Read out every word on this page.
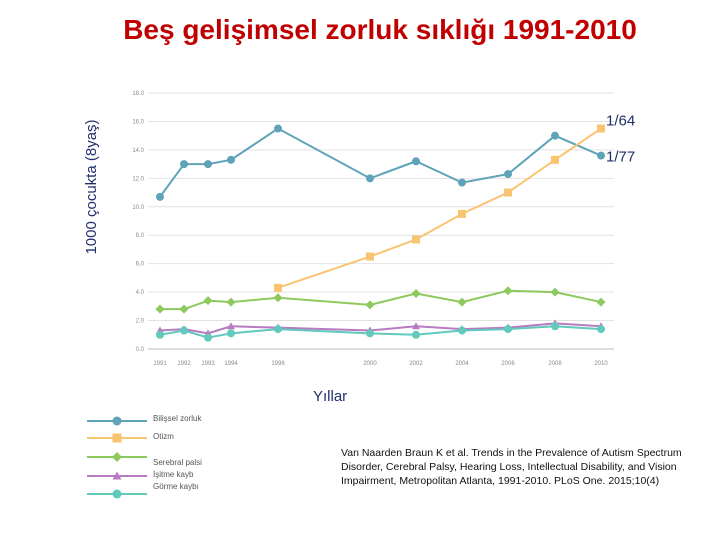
Beş gelişimsel zorluk sıklığı 1991-2010
1000 çocukta (8yaş)
0.0
2.0
4.0
6.0
8.0
10.0
12.0
14.0
16.0
18.0
1991 1992 1993 1994	1996	2000	2002	2004	2006	2008	2010
1/64
1/77
Yıllar
Bilişsel zorluk
Otizm
Serebral palsi
İşitme kayb
Görme kaybı
Van Naarden Braun K et al. Trends in the Prevalence of Autism Spectrum Disorder, Cerebral Palsy, Hearing Loss, Intellectual Disability, and Vision Impairment, Metropolitan Atlanta, 1991-2010. PLoS One. 2015;10(4)
